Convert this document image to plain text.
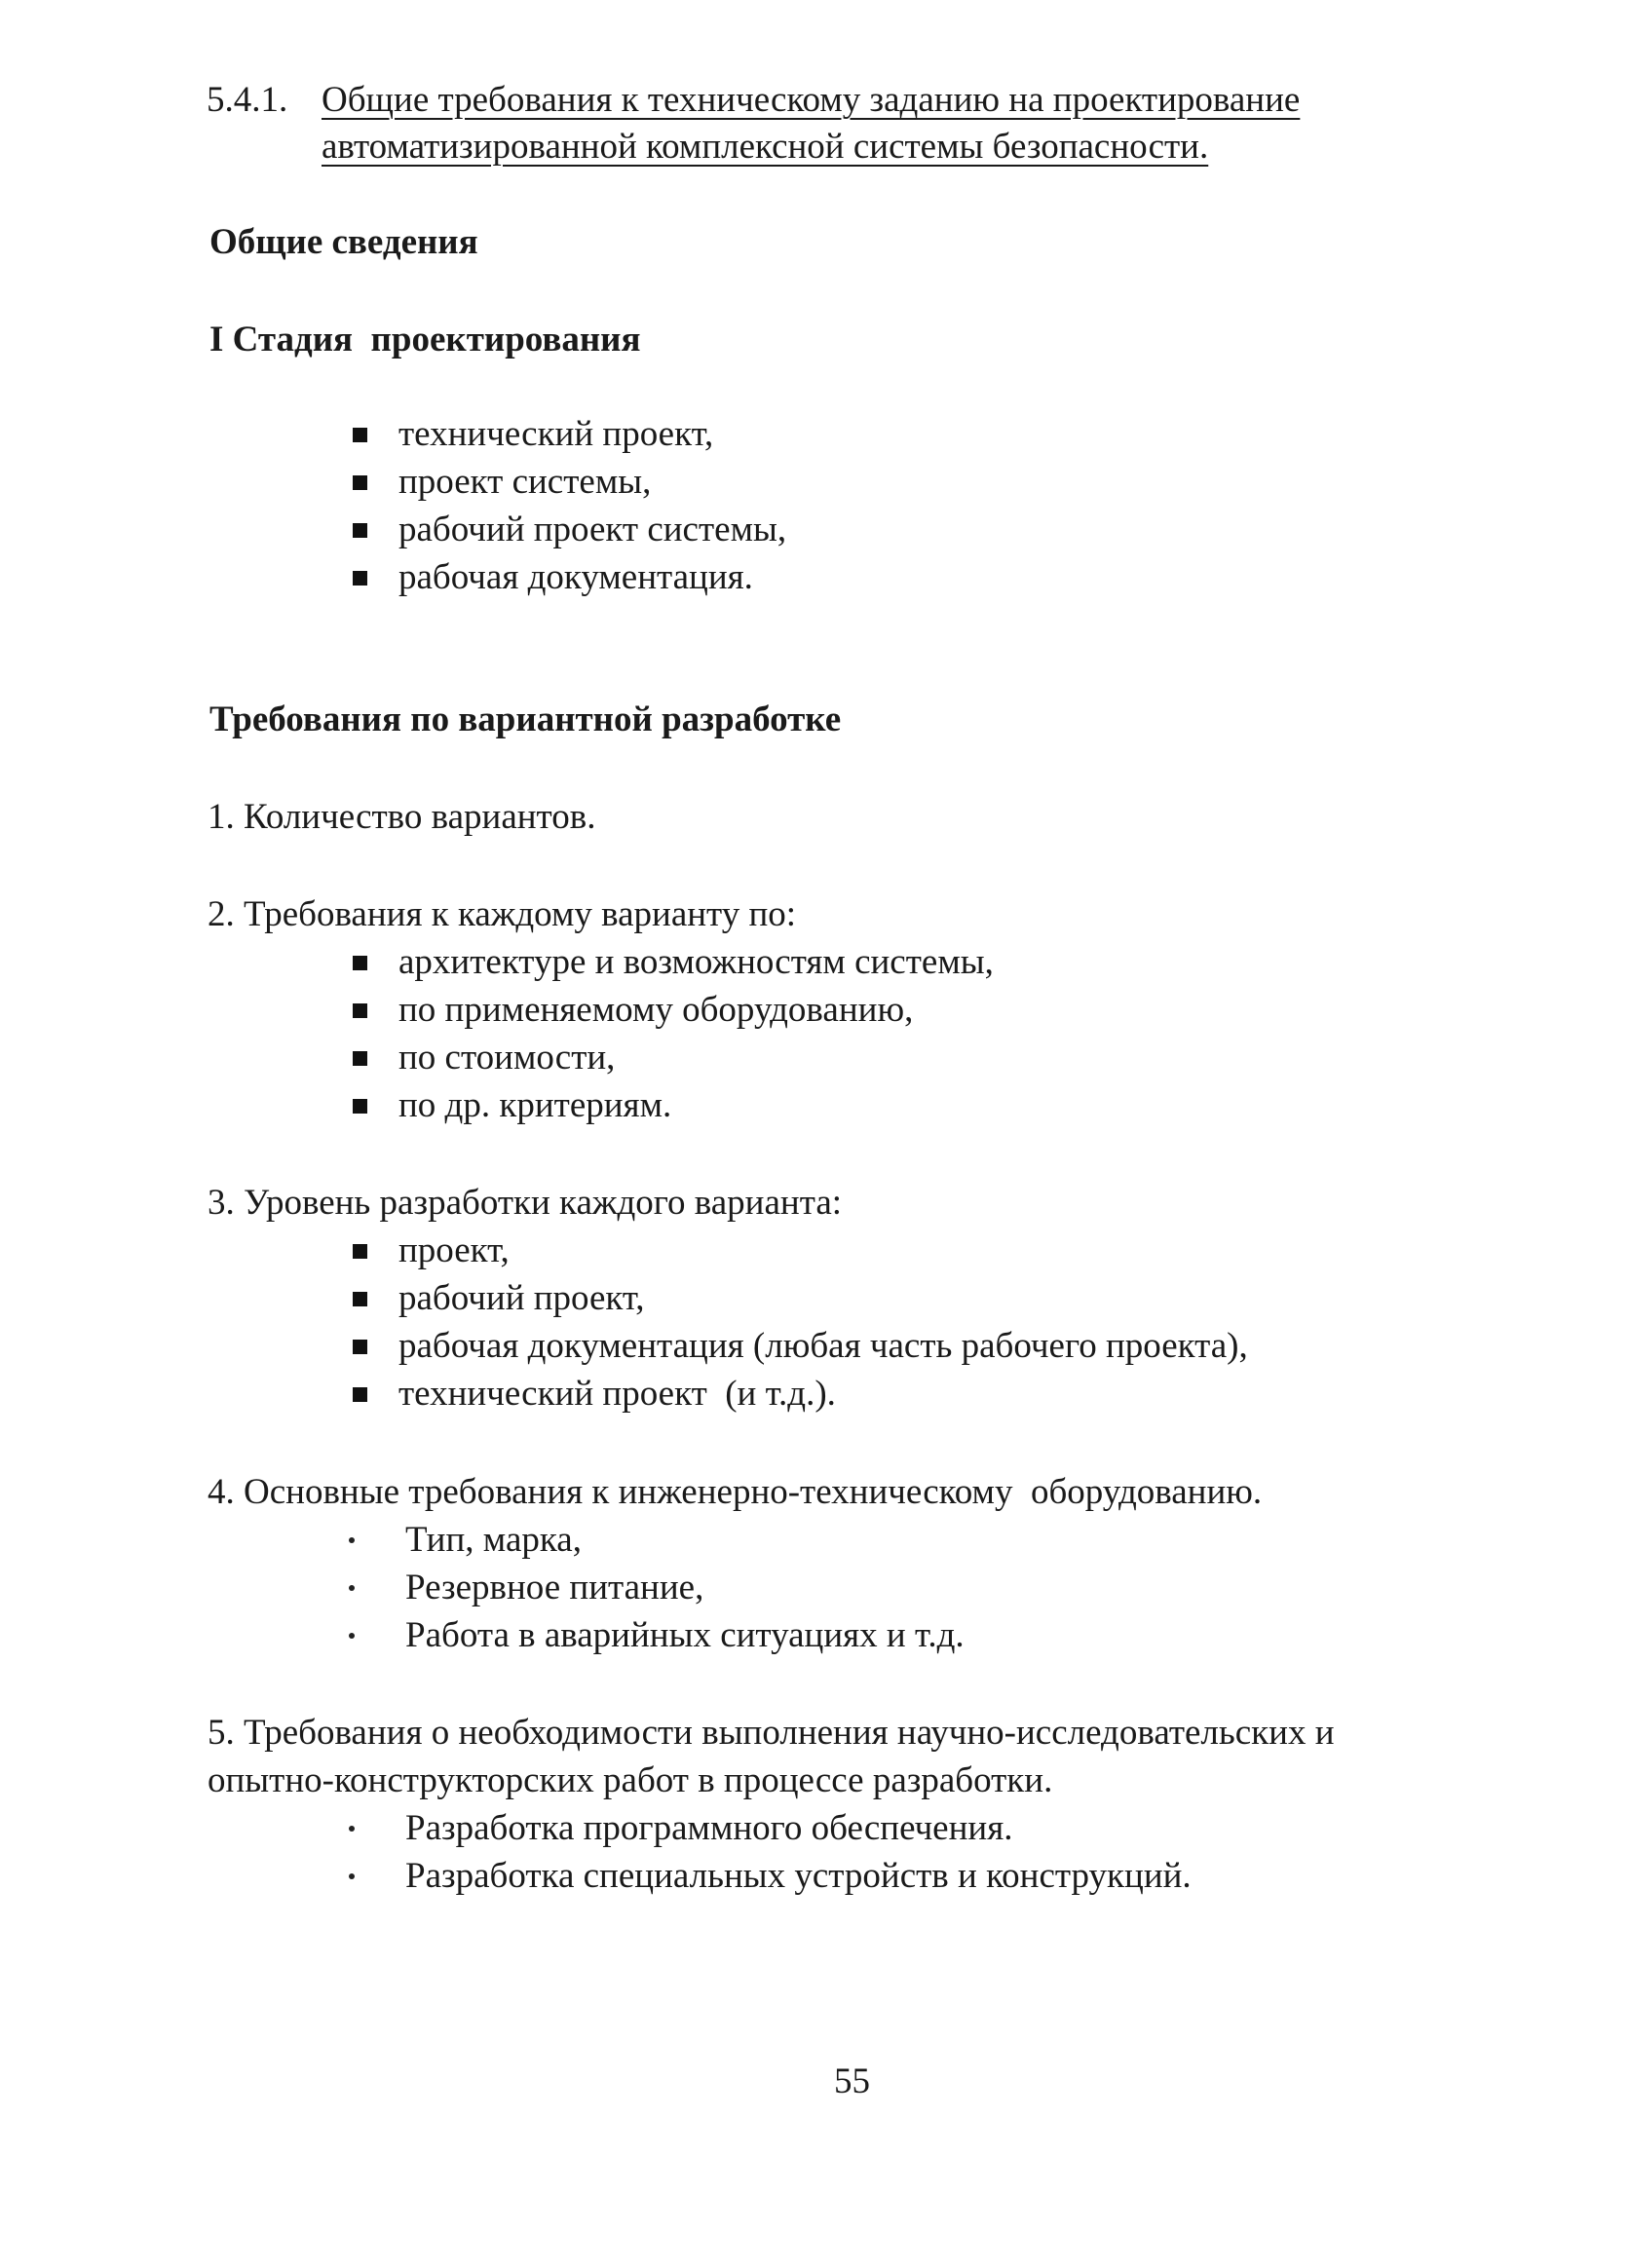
5.4.1. Общие требования к техническому заданию на проектирование
автоматизированной комплексной системы безопасности.
Общие сведения
I Стадия  проектирования
технический проект,
проект системы,
рабочий проект системы,
рабочая документация.
Требования по вариантной разработке
1. Количество вариантов.
2. Требования к каждому варианту по:
архитектуре и возможностям системы,
по применяемому оборудованию,
по стоимости,
по др. критериям.
3. Уровень разработки каждого варианта:
проект,
рабочий проект,
рабочая документация (любая часть рабочего проекта),
технический проект  (и т.д.).
4. Основные требования к инженерно-техническому  оборудованию.
Тип, марка,
Резервное питание,
Работа в аварийных ситуациях и т.д.
5. Требования о необходимости выполнения научно-исследовательских и
опытно-конструкторских работ в процессе разработки.
Разработка программного обеспечения.
Разработка специальных устройств и конструкций.
55
